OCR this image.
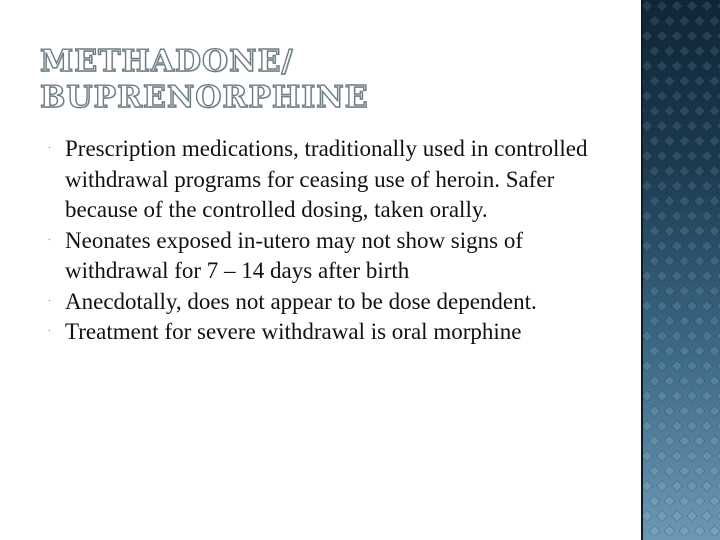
METHADONE/
BUPRENORPHINE
⸱ Prescription medications, traditionally used in controlled withdrawal programs for ceasing use of heroin. Safer because of the controlled dosing, taken orally.
⸱ Neonates exposed in-utero may not show signs of withdrawal for 7 – 14 days after birth
⸱ Anecdotally, does not appear to be dose dependent.
⸱ Treatment for severe withdrawal is oral morphine
